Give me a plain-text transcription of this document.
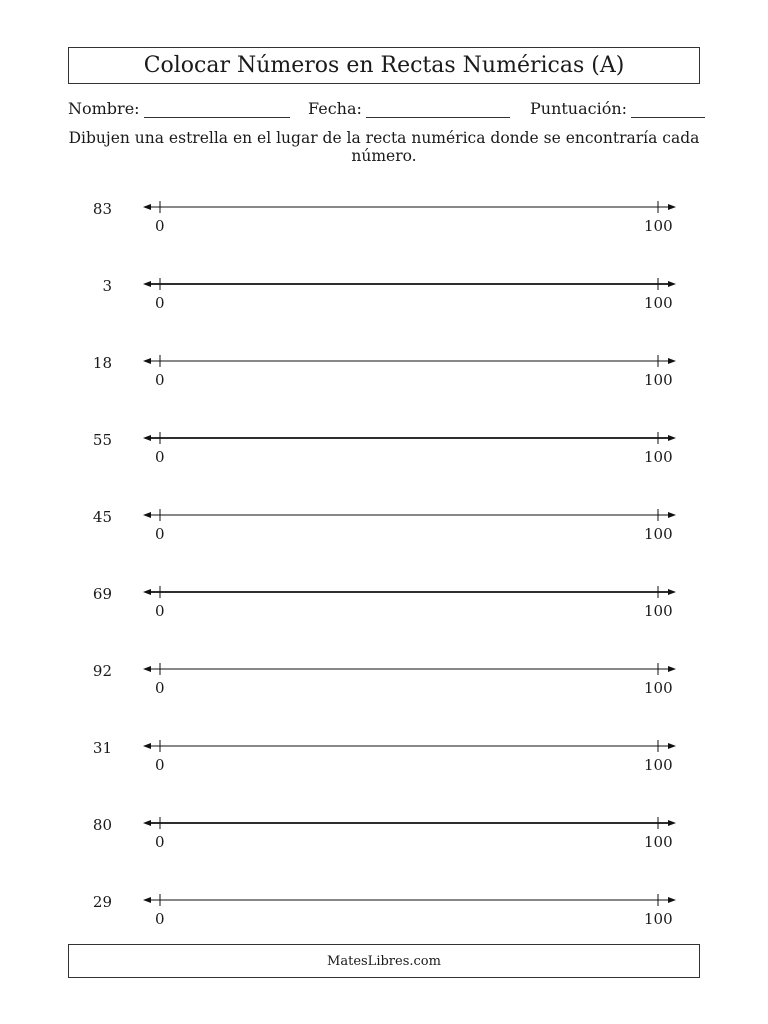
Colocar Números en Rectas Numéricas (A)
Nombre:	Fecha:	Puntuación:
Dibujen una estrella en el lugar de la recta numérica donde se encontraría cada número.
83
0	100
3
0	100
18
0	100
55
0	100
45
0	100
69
0	100
92
0	100
31
0	100
80
0	100
29
0	100
MatesLibres.com
